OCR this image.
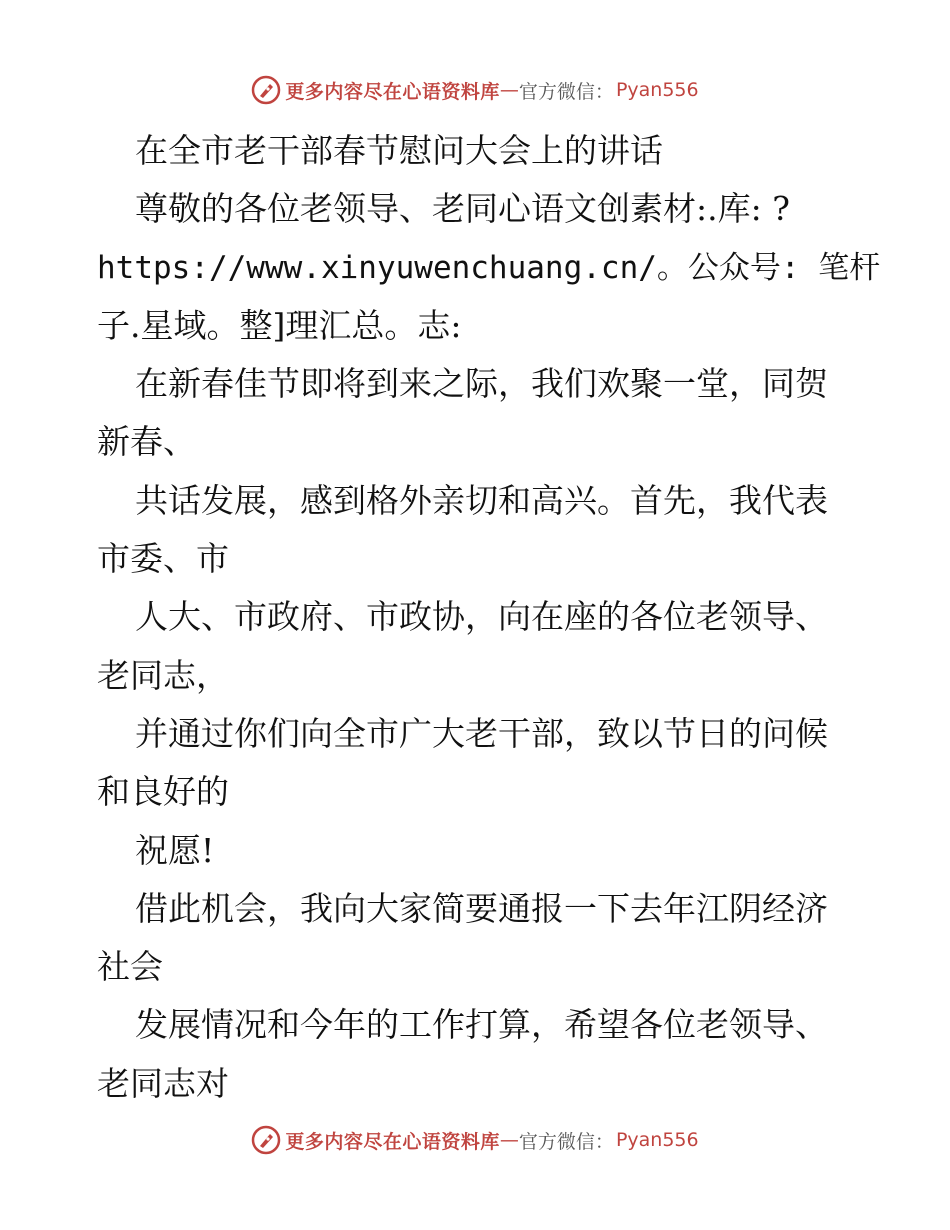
更多内容尽在心语资料库 — 官方微信： Pyan556
在全市老干部春节慰问大会上的讲话
尊敬的各位老领导、老同心语文创素材:.库: ?
https://www.xinyuwenchuang.cn/。公众号: 笔杆
子.星域。整]理汇总。志:
在新春佳节即将到来之际，我们欢聚一堂，同贺
新春、
共话发展，感到格外亲切和高兴。首先，我代表
市委、市
人大、市政府、市政协，向在座的各位老领导、
老同志，
并通过你们向全市广大老干部，致以节日的问候
和良好的
祝愿!
借此机会，我向大家简要通报一下去年江阴经济
社会
发展情况和今年的工作打算，希望各位老领导、
老同志对
更多内容尽在心语资料库 — 官方微信： Pyan556
